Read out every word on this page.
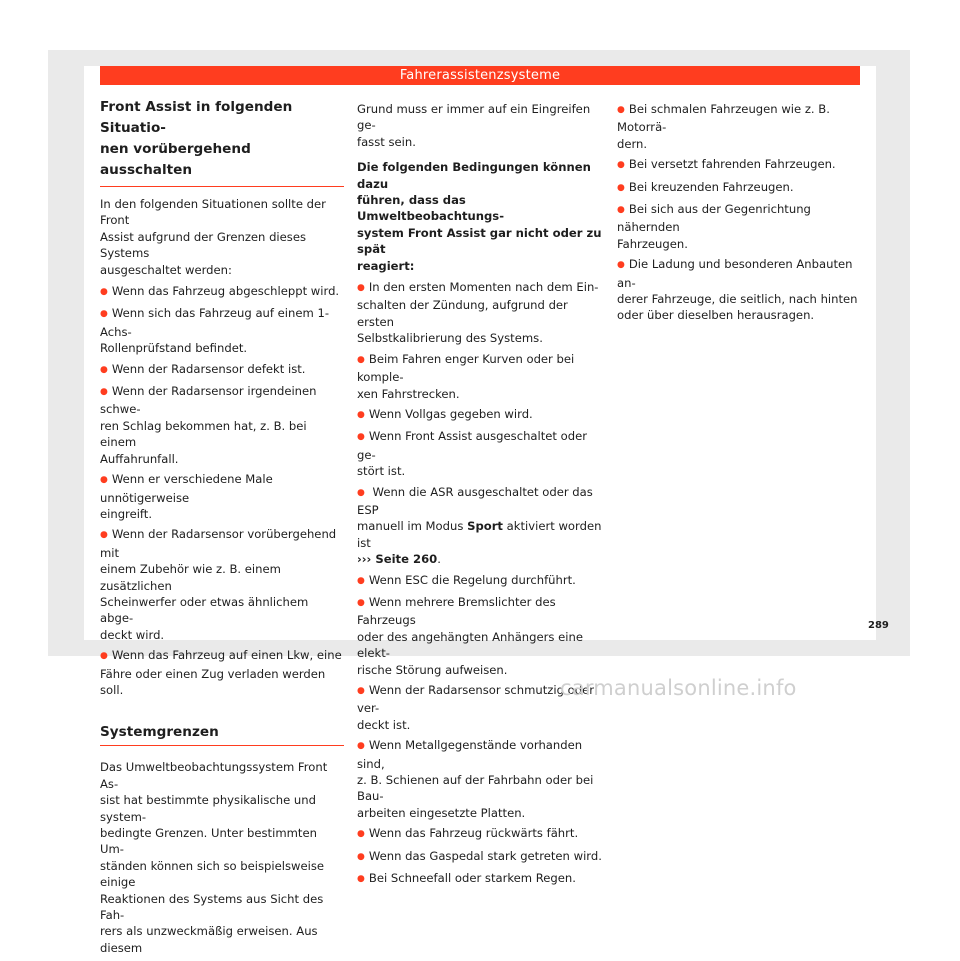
Fahrerassistenzsysteme
Front Assist in folgenden Situatio-
nen vorübergehend ausschalten

In den folgenden Situationen sollte der Front
Assist aufgrund der Grenzen dieses Systems
ausgeschaltet werden:

● Wenn das Fahrzeug abgeschleppt wird.
● Wenn sich das Fahrzeug auf einem 1-Achs-
Rollenprüfstand befindet.
● Wenn der Radarsensor defekt ist.
● Wenn der Radarsensor irgendeinen schwe-
ren Schlag bekommen hat, z. B. bei einem
Auffahrunfall.
● Wenn er verschiedene Male unnötigerweise
eingreift.
● Wenn der Radarsensor vorübergehend mit
einem Zubehör wie z. B. einem zusätzlichen
Scheinwerfer oder etwas ähnlichem abge-
deckt wird.
● Wenn das Fahrzeug auf einen Lkw, eine
Fähre oder einen Zug verladen werden soll.
Systemgrenzen

Das Umweltbeobachtungssystem Front As-
sist hat bestimmte physikalische und system-
bedingte Grenzen. Unter bestimmten Um-
ständen können sich so beispielsweise einige
Reaktionen des Systems aus Sicht des Fah-
rers als unzweckmäßig erweisen. Aus diesem

Grund muss er immer auf ein Eingreifen ge-
fasst sein.

Die folgenden Bedingungen können dazu
führen, dass das Umweltbeobachtungs-
system Front Assist gar nicht oder zu spät
reagiert:

● In den ersten Momenten nach dem Ein-
schalten der Zündung, aufgrund der ersten
Selbstkalibrierung des Systems.
● Beim Fahren enger Kurven oder bei komple-
xen Fahrstrecken.
● Wenn Vollgas gegeben wird.
● Wenn Front Assist ausgeschaltet oder ge-
stört ist.
● Wenn die ASR ausgeschaltet oder das ESP
manuell im Modus Sport aktiviert worden ist
››› Seite 260.
● Wenn ESC die Regelung durchführt.
● Wenn mehrere Bremslichter des Fahrzeugs
oder des angehängten Anhängers eine elekt-
rische Störung aufweisen.
● Wenn der Radarsensor schmutzig oder ver-
deckt ist.
● Wenn Metallgegenstände vorhanden sind,
z. B. Schienen auf der Fahrbahn oder bei Bau-
arbeiten eingesetzte Platten.
● Wenn das Fahrzeug rückwärts fährt.
● Wenn das Gaspedal stark getreten wird.
● Bei Schneefall oder starkem Regen.
● Bei schmalen Fahrzeugen wie z. B. Motorrä-
dern.
● Bei versetzt fahrenden Fahrzeugen.
● Bei kreuzenden Fahrzeugen.
● Bei sich aus der Gegenrichtung nähernden
Fahrzeugen.
● Die Ladung und besonderen Anbauten an-
derer Fahrzeuge, die seitlich, nach hinten
oder über dieselben herausragen.
289
carmanualsonline.info
